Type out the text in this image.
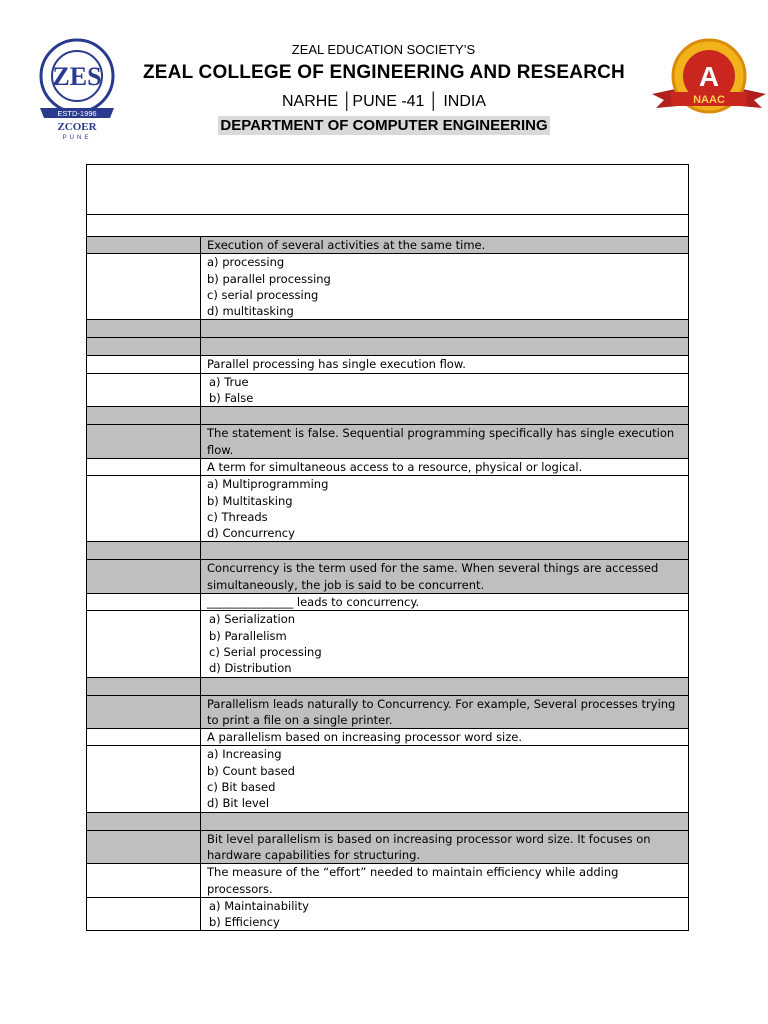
ZES
ESTD-1996
ZCOER
PUNE
ZEAL EDUCATION SOCIETY’S
ZEAL COLLEGE OF ENGINEERING AND RESEARCH
NARHE │PUNE -41 │ INDIA
DEPARTMENT OF COMPUTER ENGINEERING
A
NAAC

	Execution of several activities at the same time.

	a) processing
b) parallel processing
c) serial processing
d) multitasking

	Parallel processing has single execution flow.

	a) True
b) False

	The statement is false. Sequential programming specifically has single execution flow.
	A term for simultaneous access to a resource, physical or logical.

	a) Multiprogramming
b) Multitasking
c) Threads
d) Concurrency

	Concurrency is the term used for the same. When several things are accessed simultaneously, the job is said to be concurrent.
	_______________ leads to concurrency.

	a) Serialization
b) Parallelism
c) Serial processing
d) Distribution

	Parallelism leads naturally to Concurrency. For example, Several processes trying to print a file on a single printer.
	A parallelism based on increasing processor word size.

	a) Increasing
b) Count based
c) Bit based
d) Bit level

	Bit level parallelism is based on increasing processor word size. It focuses on hardware capabilities for structuring.
	The measure of the “effort” needed to maintain efficiency while adding processors.

	a) Maintainability
b) Efficiency
